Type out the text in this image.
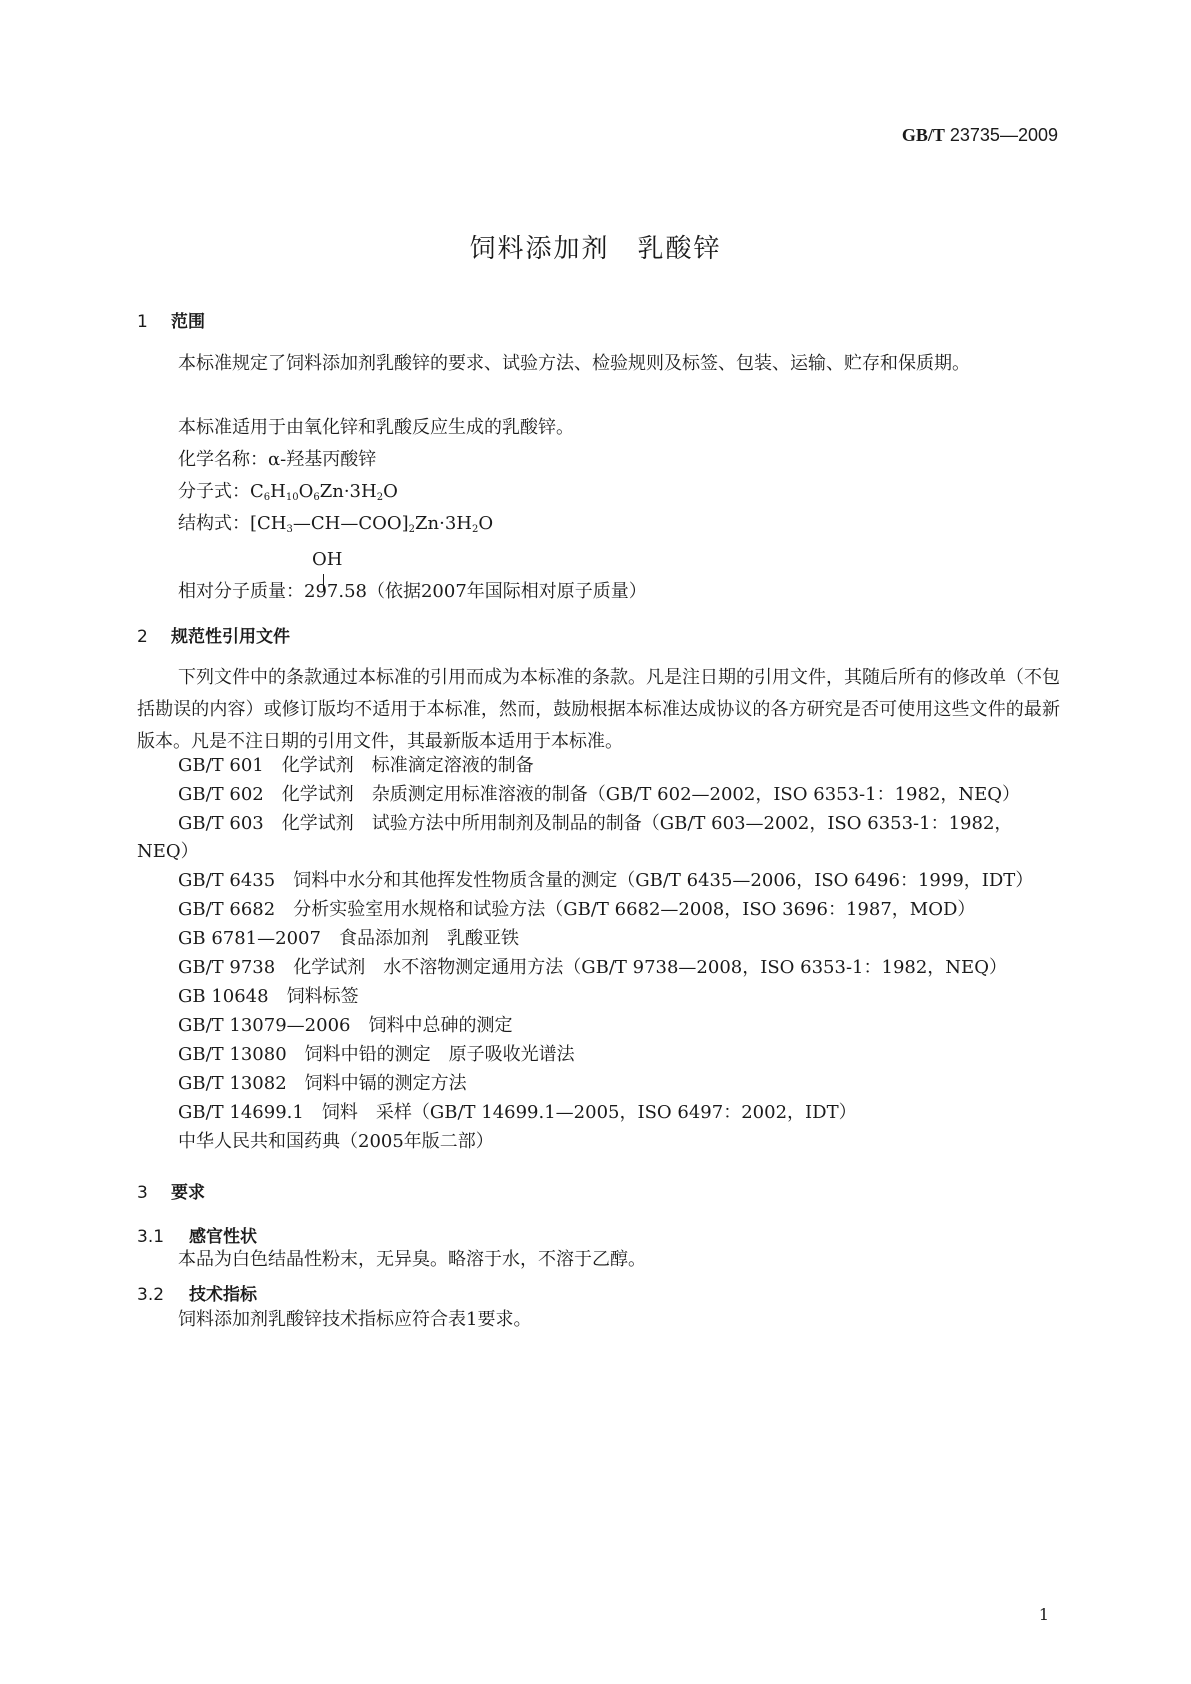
GB/T 23735—2009
饲料添加剂　乳酸锌
1 范围

本标准规定了饲料添加剂乳酸锌的要求、试验方法、检验规则及标签、包装、运输、贮存和保质期。

本标准适用于由氧化锌和乳酸反应生成的乳酸锌。
化学名称：α-羟基丙酸锌
分子式：$C_6H_{10}O_6Zn\cdot 3H_2O$
结构式：$[CH_3—CH—COO]_2Zn\cdot 3H_2O$
OH
相对分子质量：297.58（依据2007年国际相对原子质量）
2 规范性引用文件

下列文件中的条款通过本标准的引用而成为本标准的条款。凡是注日期的引用文件，其随后所有的修改单（不包括勘误的内容）或修订版均不适用于本标准，然而，鼓励根据本标准达成协议的各方研究是否可使用这些文件的最新版本。凡是不注日期的引用文件，其最新版本适用于本标准。

GB/T 601 化学试剂　标准滴定溶液的制备
GB/T 602 化学试剂　杂质测定用标准溶液的制备（GB/T 602—2002，ISO 6353-1：1982，NEQ）
GB/T 603 化学试剂　试验方法中所用制剂及制品的制备（GB/T 603—2002，ISO 6353-1：1982，
NEQ）
GB/T 6435 饲料中水分和其他挥发性物质含量的测定（GB/T 6435—2006，ISO 6496：1999，IDT）
GB/T 6682 分析实验室用水规格和试验方法（GB/T 6682—2008，ISO 3696：1987，MOD）
GB 6781—2007 食品添加剂　乳酸亚铁
GB/T 9738 化学试剂　水不溶物测定通用方法（GB/T 9738—2008，ISO 6353-1：1982，NEQ）
GB 10648 饲料标签
GB/T 13079—2006 饲料中总砷的测定
GB/T 13080 饲料中铅的测定　原子吸收光谱法
GB/T 13082 饲料中镉的测定方法
GB/T 14699.1 饲料　采样（GB/T 14699.1—2005，ISO 6497：2002，IDT）
中华人民共和国药典（2005年版二部）
3 要求
3.1 感官性状
本品为白色结晶性粉末，无异臭。略溶于水，不溶于乙醇。
3.2 技术指标
饲料添加剂乳酸锌技术指标应符合表1要求。
1
